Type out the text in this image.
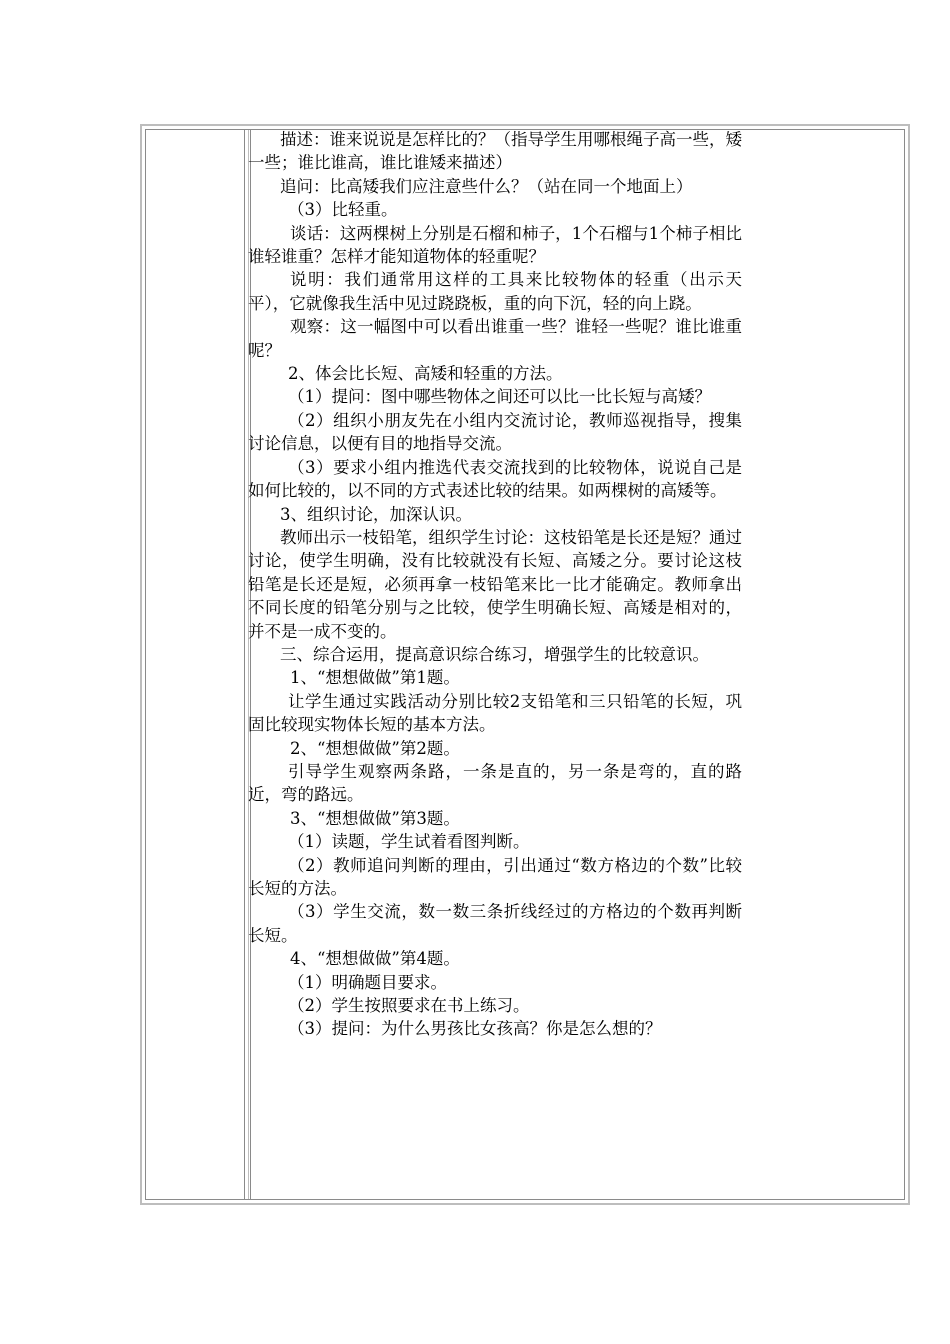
描述：谁来说说是怎样比的？（指导学生用哪根绳子高一些，矮一些；谁比谁高，谁比谁矮来描述）

追问：比高矮我们应注意些什么？（站在同一个地面上）

（3）比轻重。

谈话：这两棵树上分别是石榴和柿子，1个石榴与1个柿子相比谁轻谁重？怎样才能知道物体的轻重呢？

说明：我们通常用这样的工具来比较物体的轻重（出示天平），它就像我生活中见过跷跷板，重的向下沉，轻的向上跷。

观察：这一幅图中可以看出谁重一些？谁轻一些呢？谁比谁重呢？

2、体会比长短、高矮和轻重的方法。

（1）提问：图中哪些物体之间还可以比一比长短与高矮？

（2）组织小朋友先在小组内交流讨论，教师巡视指导，搜集讨论信息，以便有目的地指导交流。

（3）要求小组内推选代表交流找到的比较物体，说说自己是如何比较的，以不同的方式表述比较的结果。如两棵树的高矮等。

3、组织讨论，加深认识。

教师出示一枝铅笔，组织学生讨论：这枝铅笔是长还是短？通过讨论，使学生明确，没有比较就没有长短、高矮之分。要讨论这枝铅笔是长还是短，必须再拿一枝铅笔来比一比才能确定。教师拿出不同长度的铅笔分别与之比较，使学生明确长短、高矮是相对的，并不是一成不变的。

三、综合运用，提高意识综合练习，增强学生的比较意识。

1、“想想做做”第1题。

让学生通过实践活动分别比较2支铅笔和三只铅笔的长短，巩固比较现实物体长短的基本方法。

2、“想想做做”第2题。

引导学生观察两条路，一条是直的，另一条是弯的，直的路近，弯的路远。

3、“想想做做”第3题。

（1）读题，学生试着看图判断。

（2）教师追问判断的理由，引出通过“数方格边的个数”比较长短的方法。

（3）学生交流，数一数三条折线经过的方格边的个数再判断长短。

4、“想想做做”第4题。

（1）明确题目要求。

（2）学生按照要求在书上练习。

（3）提问：为什么男孩比女孩高？你是怎么想的？
